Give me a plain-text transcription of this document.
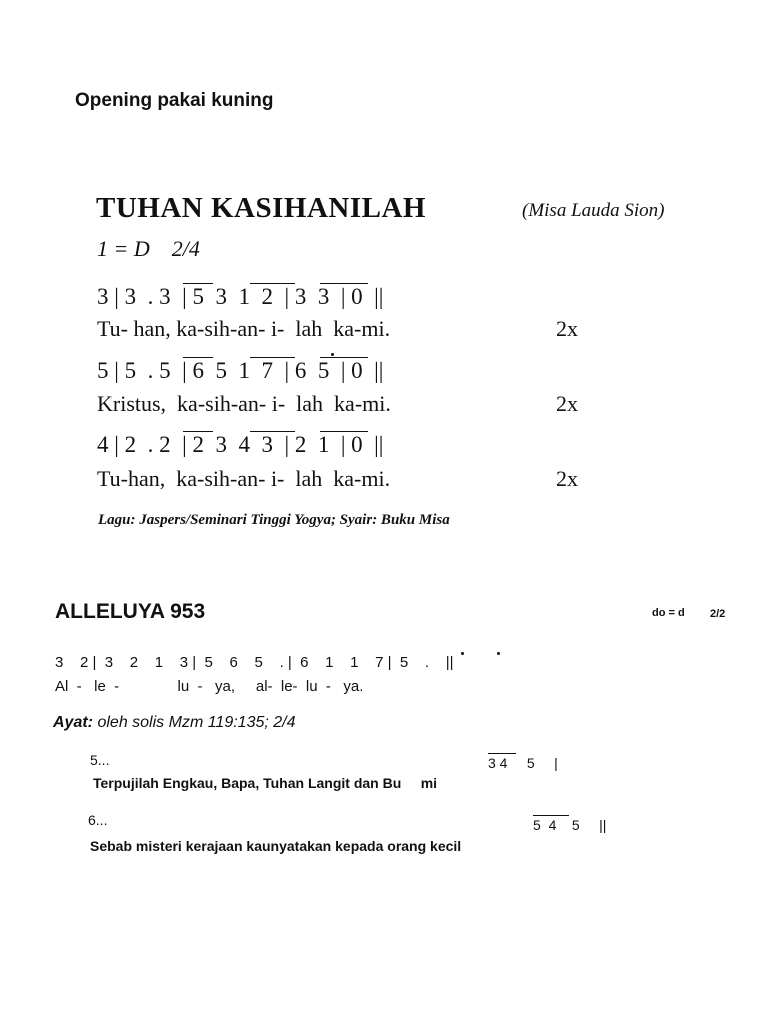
Opening pakai kuning
TUHAN KASIHANILAH	(Misa Lauda Sion)
1 = D    2/4
3 | 3  . 3  | 5  3  1  2  | 3  3  | 0  ||
Tu- han, ka-sih-an- i-  lah  ka-mi.	2x
5 | 5  . 5  | 6  5  1  7  | 6  5  | 0  ||
Kristus,  ka-sih-an- i-  lah  ka-mi.	2x
4 | 2  . 2  | 2  3  4  3  | 2  1  | 0  ||
Tu-han,  ka-sih-an- i-  lah  ka-mi.	2x
Lagu: Jaspers/Seminari Tinggi Yogya; Syair: Buku Misa
ALLELUYA 953	do = d 2/2
3    2 |  3    2    1    3 |  5    6    5    . |  6    1    1    7 |  5    .    ||
Al  -   le  -              lu  -   ya,     al-  le-  lu  -   ya.
Ayat: oleh solis Mzm 119:135; 2/4
5...	3 4     5     |
Terpujilah Engkau, Bapa, Tuhan Langit dan Bu     mi
6...	5  4    5     ||
Sebab misteri kerajaan kaunyatakan kepada orang kecil
